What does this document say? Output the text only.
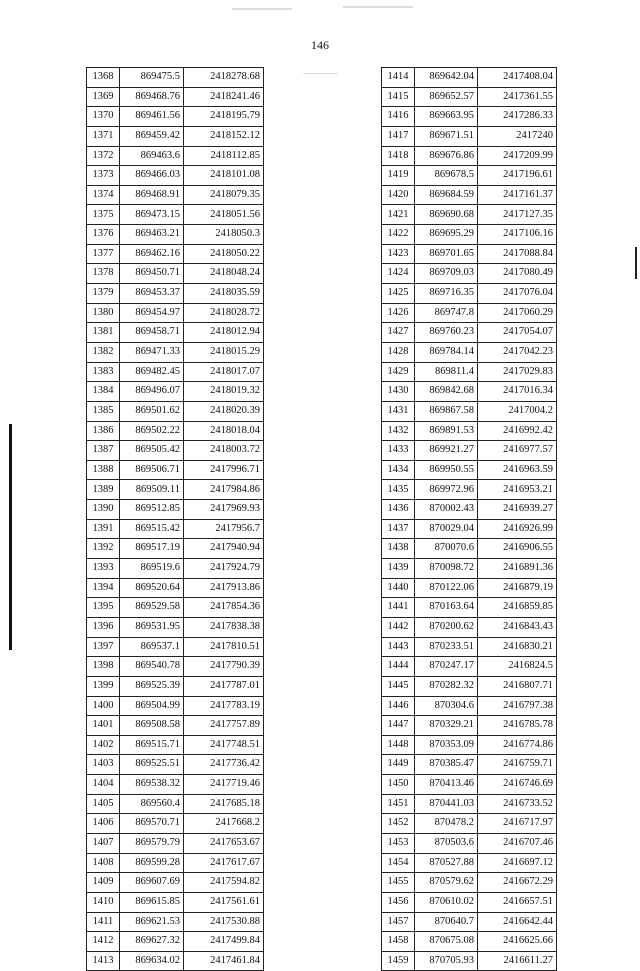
146
1368	869475.5	2418278.68
1369	869468.76	2418241.46
1370	869461.56	2418195.79
1371	869459.42	2418152.12
1372	869463.6	2418112.85
1373	869466.03	2418101.08
1374	869468.91	2418079.35
1375	869473.15	2418051.56
1376	869463.21	2418050.3
1377	869462.16	2418050.22
1378	869450.71	2418048.24
1379	869453.37	2418035.59
1380	869454.97	2418028.72
1381	869458.71	2418012.94
1382	869471.33	2418015.29
1383	869482.45	2418017.07
1384	869496.07	2418019.32
1385	869501.62	2418020.39
1386	869502.22	2418018.04
1387	869505.42	2418003.72
1388	869506.71	2417996.71
1389	869509.11	2417984.86
1390	869512.85	2417969.93
1391	869515.42	2417956.7
1392	869517.19	2417940.94
1393	869519.6	2417924.79
1394	869520.64	2417913.86
1395	869529.58	2417854.36
1396	869531.95	2417838.38
1397	869537.1	2417810.51
1398	869540.78	2417790.39
1399	869525.39	2417787.01
1400	869504.99	2417783.19
1401	869508.58	2417757.89
1402	869515.71	2417748.51
1403	869525.51	2417736.42
1404	869538.32	2417719.46
1405	869560.4	2417685.18
1406	869570.71	2417668.2
1407	869579.79	2417653.67
1408	869599.28	2417617.67
1409	869607.69	2417594.82
1410	869615.85	2417561.61
1411	869621.53	2417530.88
1412	869627.32	2417499.84
1413	869634.02	2417461.84
1414	869642.04	2417408.04
1415	869652.57	2417361.55
1416	869663.95	2417286.33
1417	869671.51	2417240
1418	869676.86	2417209.99
1419	869678.5	2417196.61
1420	869684.59	2417161.37
1421	869690.68	2417127.35
1422	869695.29	2417106.16
1423	869701.65	2417088.84
1424	869709.03	2417080.49
1425	869716.35	2417076.04
1426	869747.8	2417060.29
1427	869760.23	2417054.07
1428	869784.14	2417042.23
1429	869811.4	2417029.83
1430	869842.68	2417016.34
1431	869867.58	2417004.2
1432	869891.53	2416992.42
1433	869921.27	2416977.57
1434	869950.55	2416963.59
1435	869972.96	2416953.21
1436	870002.43	2416939.27
1437	870029.04	2416926.99
1438	870070.6	2416906.55
1439	870098.72	2416891.36
1440	870122.06	2416879.19
1441	870163.64	2416859.85
1442	870200.62	2416843.43
1443	870233.51	2416830.21
1444	870247.17	2416824.5
1445	870282.32	2416807.71
1446	870304.6	2416797.38
1447	870329.21	2416785.78
1448	870353.09	2416774.86
1449	870385.47	2416759.71
1450	870413.46	2416746.69
1451	870441.03	2416733.52
1452	870478.2	2416717.97
1453	870503.6	2416707.46
1454	870527.88	2416697.12
1455	870579.62	2416672.29
1456	870610.02	2416657.51
1457	870640.7	2416642.44
1458	870675.08	2416625.66
1459	870705.93	2416611.27
